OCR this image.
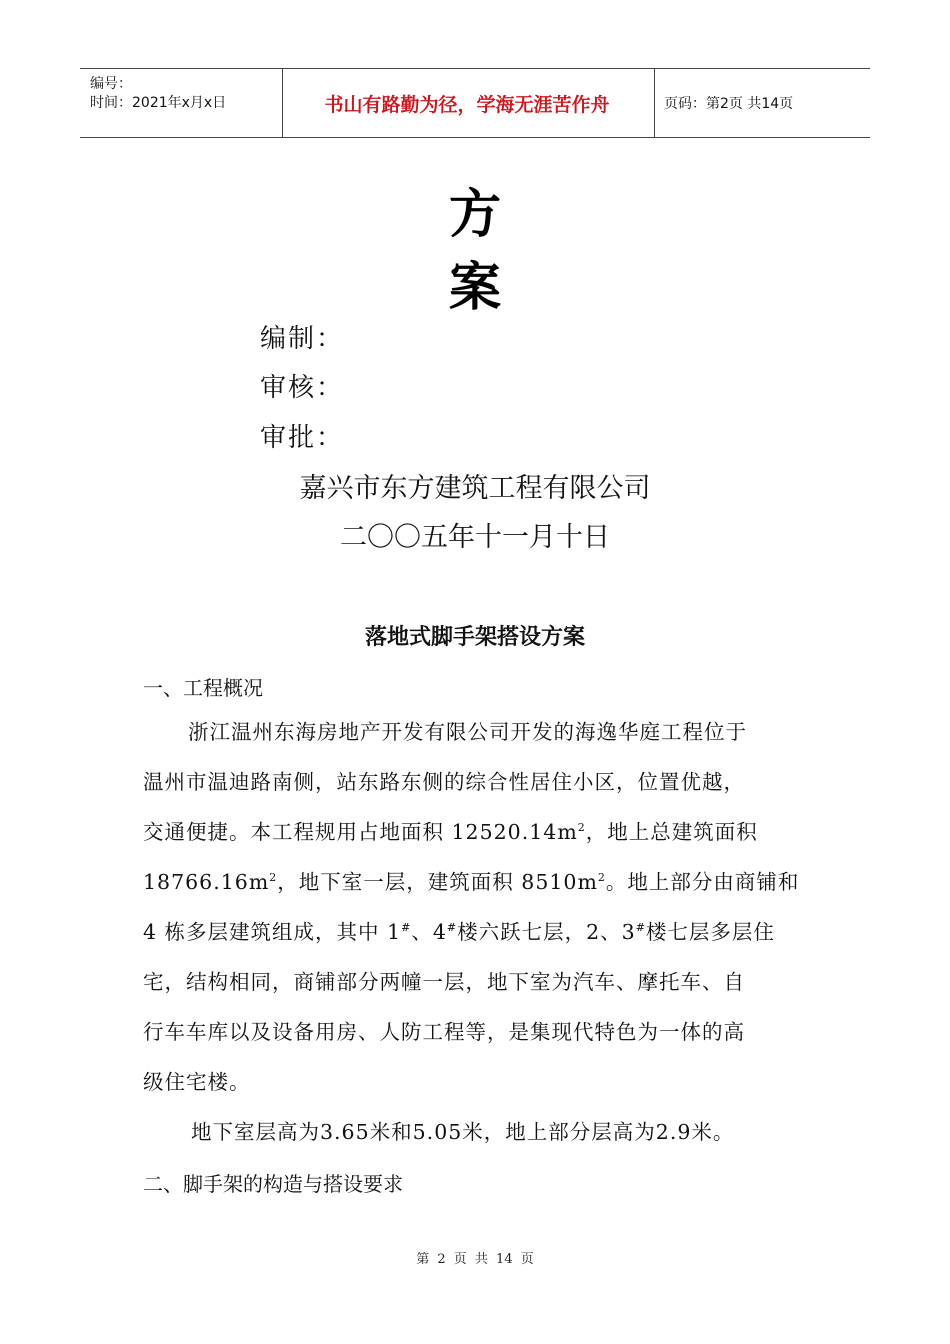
编号：
时间：2021年x月x日	书山有路勤为径，学海无涯苦作舟	页码：第2页 共14页
方
案
编制：
审核：
审批：
嘉兴市东方建筑工程有限公司
二〇〇五年十一月十日
落地式脚手架搭设方案
一、工程概况
浙江温州东海房地产开发有限公司开发的海逸华庭工程位于
温州市温迪路南侧，站东路东侧的综合性居住小区，位置优越，
交通便捷。本工程规用占地面积 $12520.14m^2$，地上总建筑面积
$18766.16m^2$，地下室一层，建筑面积 $8510m^2$。地上部分由商铺和
4 栋多层建筑组成，其中 1#、4#楼六跃七层，2、3#楼七层多层住
宅，结构相同，商铺部分两幢一层，地下室为汽车、摩托车、自
行车车库以及设备用房、人防工程等，是集现代特色为一体的高
级住宅楼。
地下室层高为3.65米和5.05米，地上部分层高为2.9米。
二、脚手架的构造与搭设要求
第 2 页 共 14 页
